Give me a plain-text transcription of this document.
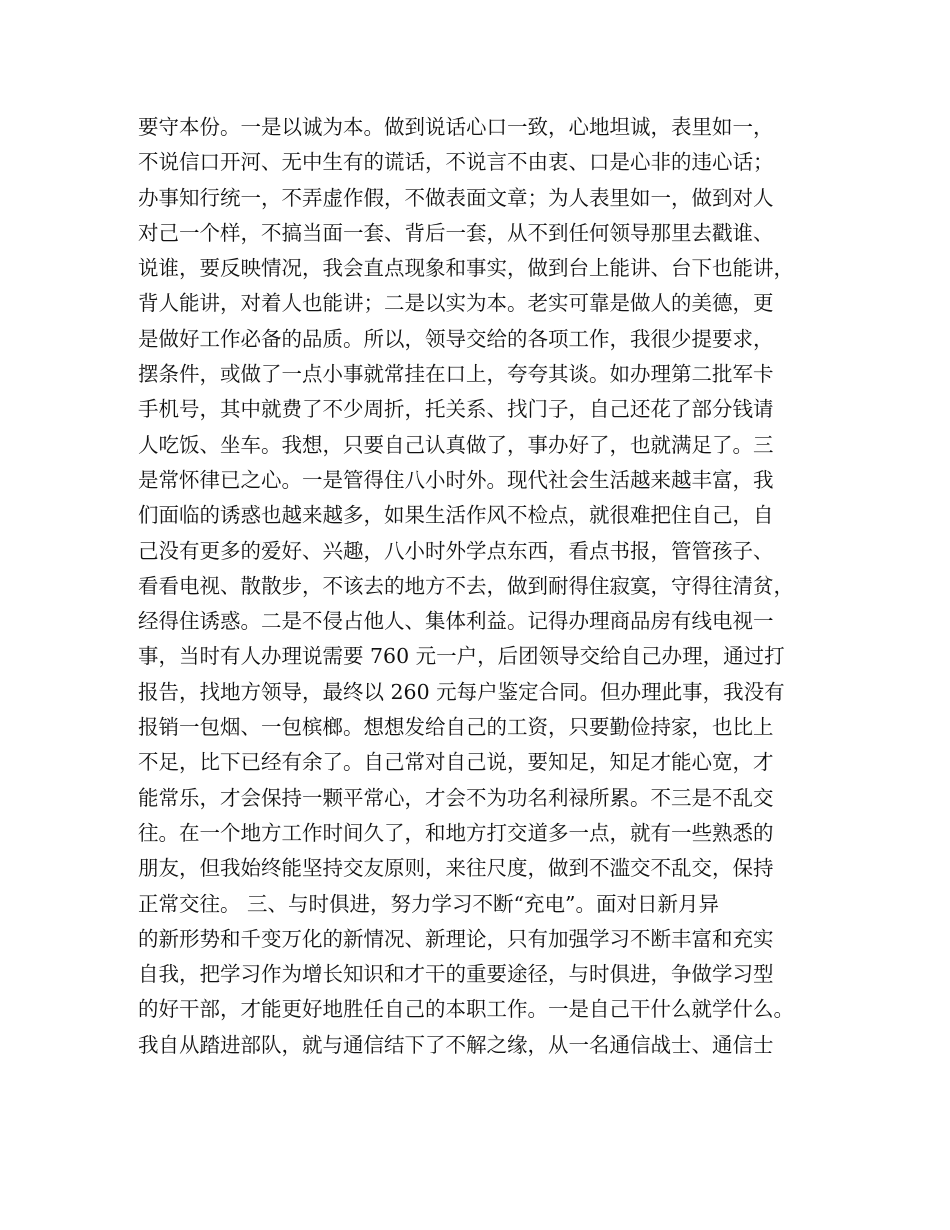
要守本份。一是以诚为本。做到说话心口一致，心地坦诚，表里如一，
不说信口开河、无中生有的谎话，不说言不由衷、口是心非的违心话；
办事知行统一，不弄虚作假，不做表面文章；为人表里如一，做到对人
对己一个样，不搞当面一套、背后一套，从不到任何领导那里去戳谁、
说谁，要反映情况，我会直点现象和事实，做到台上能讲、台下也能讲，
背人能讲，对着人也能讲；二是以实为本。老实可靠是做人的美德，更
是做好工作必备的品质。所以，领导交给的各项工作，我很少提要求，
摆条件，或做了一点小事就常挂在口上，夸夸其谈。如办理第二批军卡
手机号，其中就费了不少周折，托关系、找门子，自己还花了部分钱请
人吃饭、坐车。我想，只要自己认真做了，事办好了，也就满足了。三
是常怀律已之心。一是管得住八小时外。现代社会生活越来越丰富，我
们面临的诱惑也越来越多，如果生活作风不检点，就很难把住自己，自
己没有更多的爱好、兴趣，八小时外学点东西，看点书报，管管孩子、
看看电视、散散步，不该去的地方不去，做到耐得住寂寞，守得往清贫，
经得住诱惑。二是不侵占他人、集体利益。记得办理商品房有线电视一
事，当时有人办理说需要 760 元一户，后团领导交给自己办理，通过打
报告，找地方领导，最终以 260 元每户鉴定合同。但办理此事，我没有
报销一包烟、一包槟榔。想想发给自己的工资，只要勤俭持家，也比上
不足，比下已经有余了。自己常对自己说，要知足，知足才能心宽，才
能常乐，才会保持一颗平常心，才会不为功名利禄所累。不三是不乱交
往。在一个地方工作时间久了，和地方打交道多一点，就有一些熟悉的
朋友，但我始终能坚持交友原则，来往尺度，做到不滥交不乱交，保持
正常交往。 三、与时俱进，努力学习不断“充电”。面对日新月异
的新形势和千变万化的新情况、新理论，只有加强学习不断丰富和充实
自我，把学习作为增长知识和才干的重要途径，与时俱进，争做学习型
的好干部，才能更好地胜任自己的本职工作。一是自己干什么就学什么。
我自从踏进部队，就与通信结下了不解之缘，从一名通信战士、通信士
